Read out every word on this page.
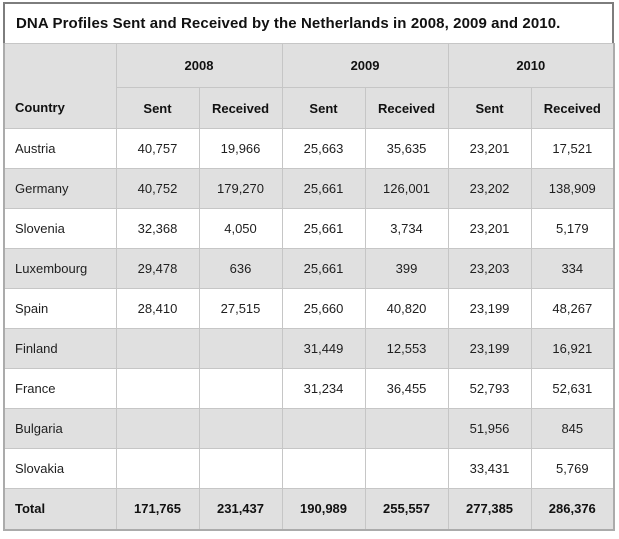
DNA Profiles Sent and Received by the Netherlands in 2008, 2009 and 2010.
Country	2008		2009		2010	
	Sent	Received	Sent	Received	Sent	Received
Austria	40,757	19,966	25,663	35,635	23,201	17,521
Germany	40,752	179,270	25,661	126,001	23,202	138,909
Slovenia	32,368	4,050	25,661	3,734	23,201	5,179
Luxembourg	29,478	636	25,661	399	23,203	334
Spain	28,410	27,515	25,660	40,820	23,199	48,267
Finland			31,449	12,553	23,199	16,921
France			31,234	36,455	52,793	52,631
Bulgaria					51,956	845
Slovakia					33,431	5,769
Total	171,765	231,437	190,989	255,557	277,385	286,376
